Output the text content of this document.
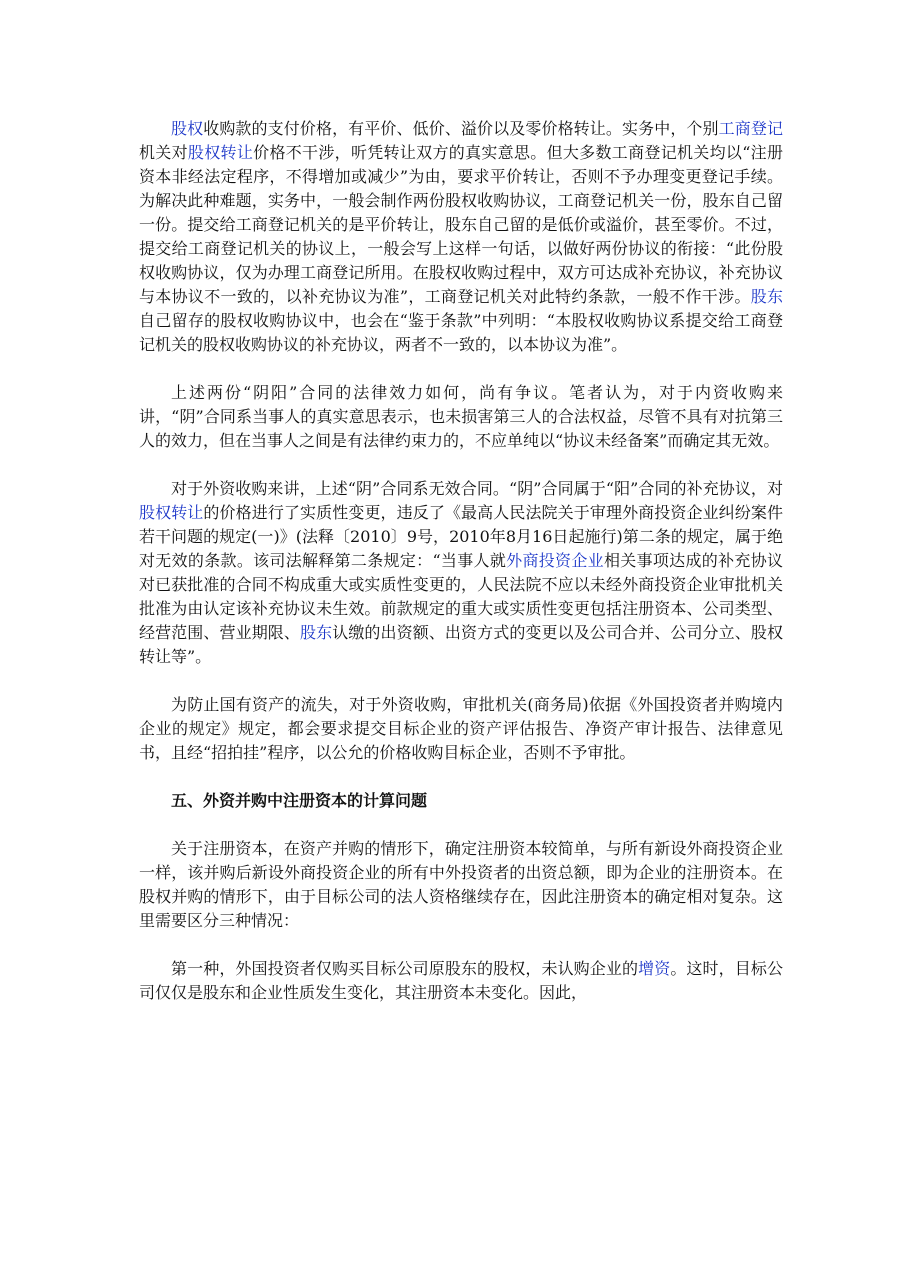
股权收购款的支付价格，有平价、低价、溢价以及零价格转让。实务中，个别工商登记机关对股权转让价格不干涉，听凭转让双方的真实意思。但大多数工商登记机关均以“注册资本非经法定程序，不得增加或减少”为由，要求平价转让，否则不予办理变更登记手续。为解决此种难题，实务中，一般会制作两份股权收购协议，工商登记机关一份，股东自己留一份。提交给工商登记机关的是平价转让，股东自己留的是低价或溢价，甚至零价。不过，提交给工商登记机关的协议上，一般会写上这样一句话，以做好两份协议的衔接：“此份股权收购协议，仅为办理工商登记所用。在股权收购过程中，双方可达成补充协议，补充协议与本协议不一致的，以补充协议为准”，工商登记机关对此特约条款，一般不作干涉。股东自己留存的股权收购协议中，也会在“鉴于条款”中列明：“本股权收购协议系提交给工商登记机关的股权收购协议的补充协议，两者不一致的，以本协议为准”。

上述两份“阴阳”合同的法律效力如何，尚有争议。笔者认为，对于内资收购来讲，“阴”合同系当事人的真实意思表示，也未损害第三人的合法权益，尽管不具有对抗第三人的效力，但在当事人之间是有法律约束力的，不应单纯以“协议未经备案”而确定其无效。

对于外资收购来讲，上述“阴”合同系无效合同。“阴”合同属于“阳”合同的补充协议，对股权转让的价格进行了实质性变更，违反了《最高人民法院关于审理外商投资企业纠纷案件若干问题的规定(一)》(法释〔2010〕9号，2010年8月16日起施行)第二条的规定，属于绝对无效的条款。该司法解释第二条规定：“当事人就外商投资企业相关事项达成的补充协议对已获批准的合同不构成重大或实质性变更的，人民法院不应以未经外商投资企业审批机关批准为由认定该补充协议未生效。前款规定的重大或实质性变更包括注册资本、公司类型、经营范围、营业期限、股东认缴的出资额、出资方式的变更以及公司合并、公司分立、股权转让等”。

为防止国有资产的流失，对于外资收购，审批机关(商务局)依据《外国投资者并购境内企业的规定》规定，都会要求提交目标企业的资产评估报告、净资产审计报告、法律意见书，且经“招拍挂”程序，以公允的价格收购目标企业，否则不予审批。

五、外资并购中注册资本的计算问题

关于注册资本，在资产并购的情形下，确定注册资本较简单，与所有新设外商投资企业一样，该并购后新设外商投资企业的所有中外投资者的出资总额，即为企业的注册资本。在股权并购的情形下，由于目标公司的法人资格继续存在，因此注册资本的确定相对复杂。这里需要区分三种情况：

第一种，外国投资者仅购买目标公司原股东的股权，未认购企业的增资。这时，目标公司仅仅是股东和企业性质发生变化，其注册资本未变化。因此，
